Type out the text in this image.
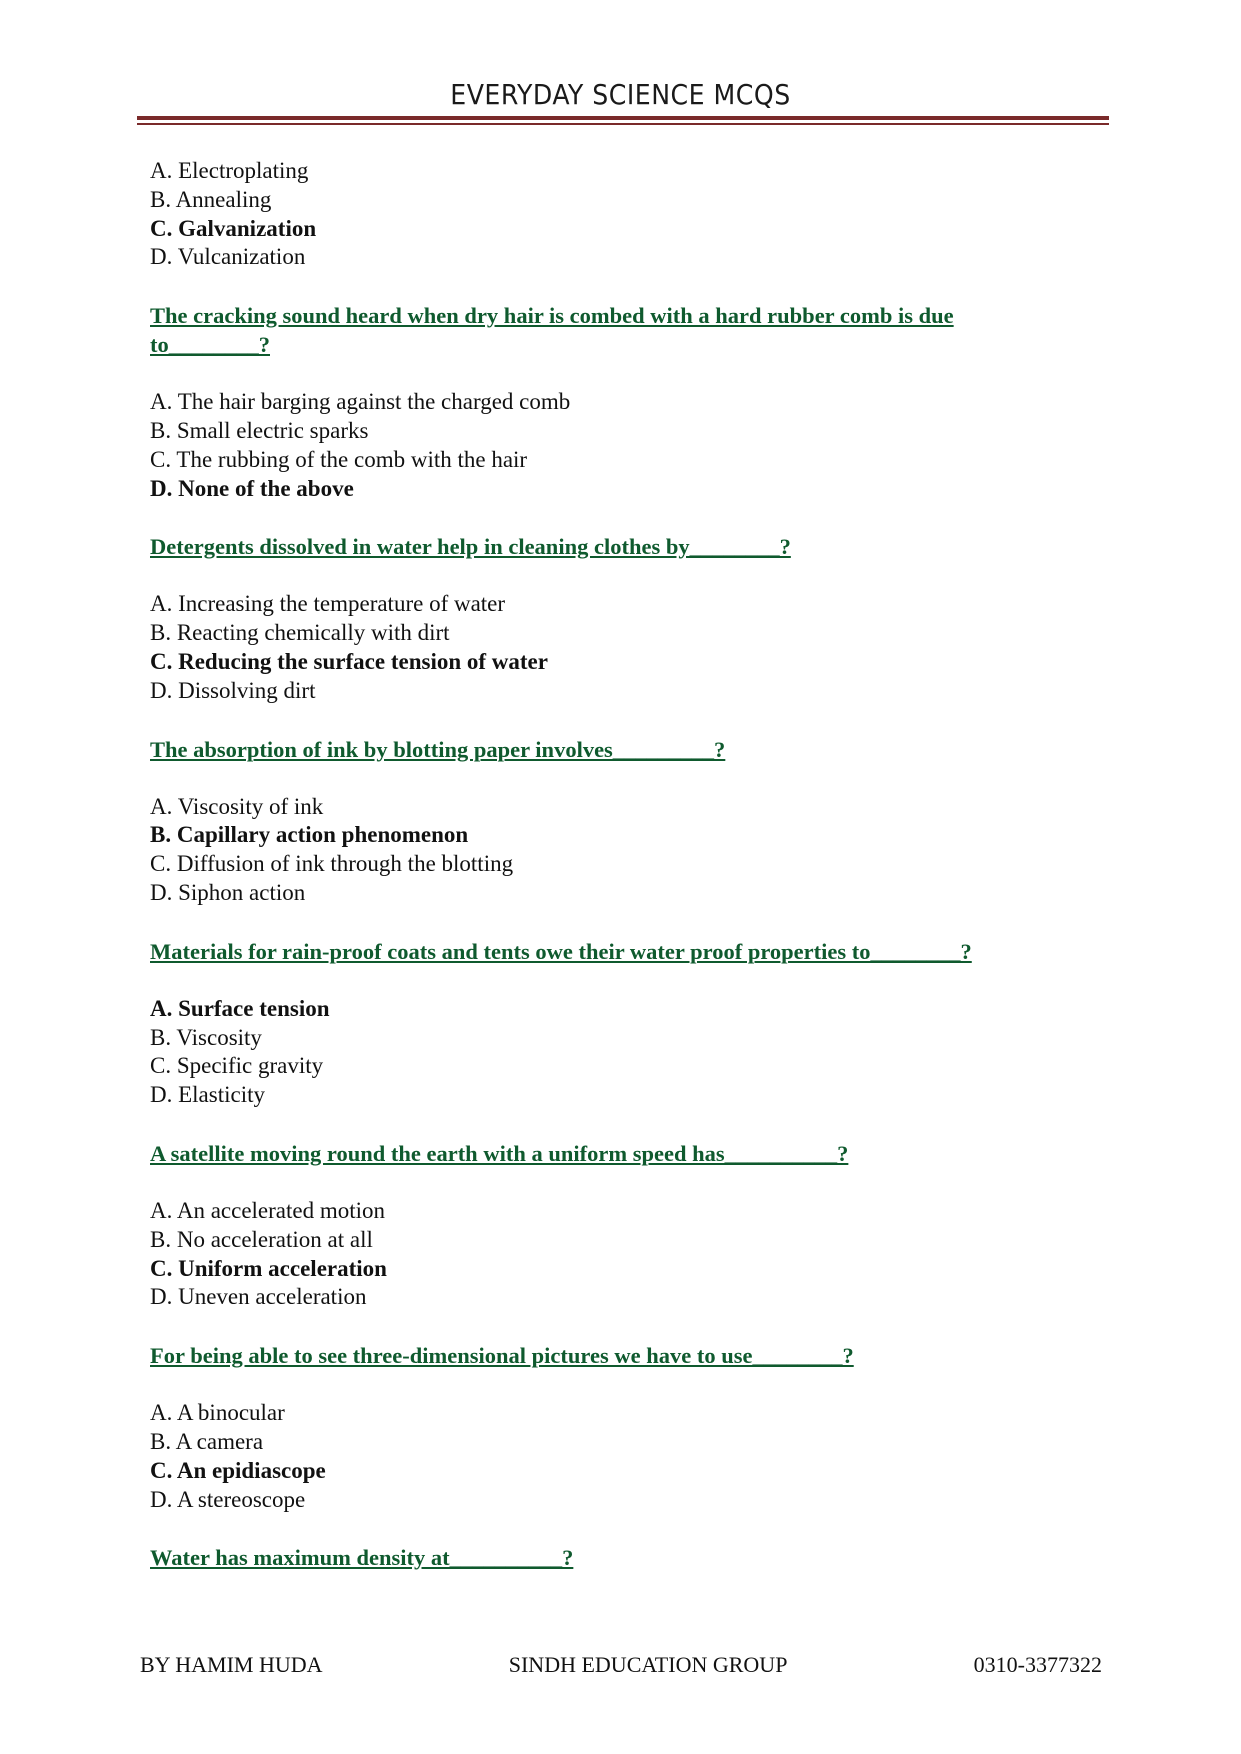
EVERYDAY SCIENCE MCQS

A. Electroplating

B. Annealing

C. Galvanization

D. Vulcanization

The cracking sound heard when dry hair is combed with a hard rubber comb is due to________?

A. The hair barging against the charged comb

B. Small electric sparks

C. The rubbing of the comb with the hair

D. None of the above

Detergents dissolved in water help in cleaning clothes by________?

A. Increasing the temperature of water

B. Reacting chemically with dirt

C. Reducing the surface tension of water

D. Dissolving dirt

The absorption of ink by blotting paper involves_________?

A. Viscosity of ink

B. Capillary action phenomenon

C. Diffusion of ink through the blotting

D. Siphon action

Materials for rain-proof coats and tents owe their water proof properties to________?

A. Surface tension

B. Viscosity

C. Specific gravity

D. Elasticity

A satellite moving round the earth with a uniform speed has__________?

A. An accelerated motion

B. No acceleration at all

C. Uniform acceleration

D. Uneven acceleration

For being able to see three-dimensional pictures we have to use________?

A. A binocular

B. A camera

C. An epidiascope

D. A stereoscope

Water has maximum density at__________?
BY HAMIM HUDA	SINDH EDUCATION GROUP	0310-3377322
